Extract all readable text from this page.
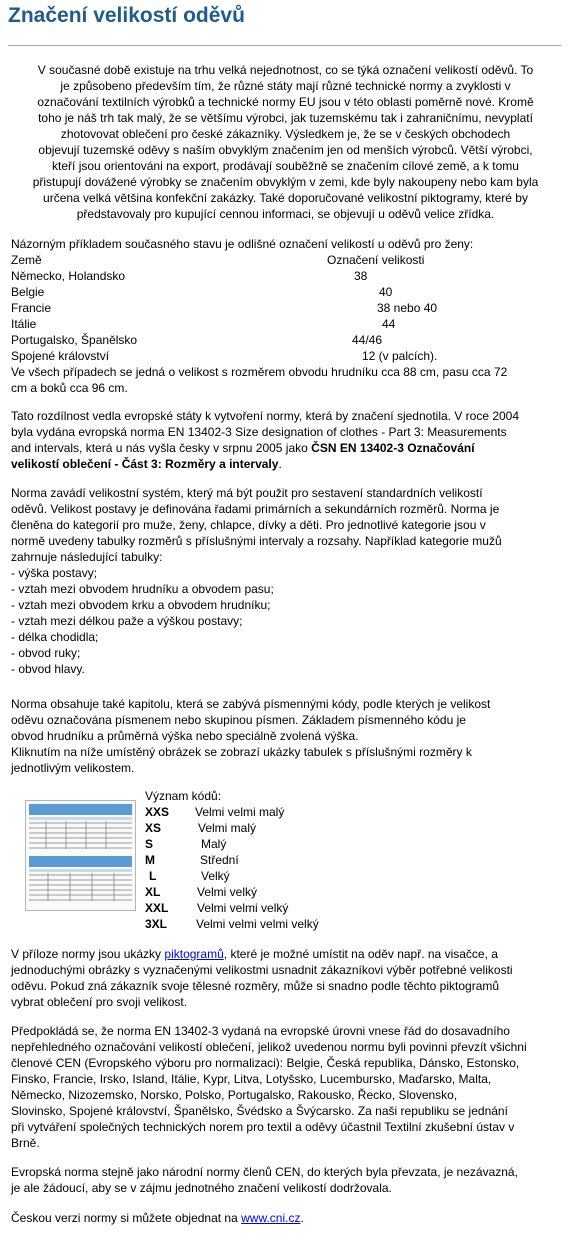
Značení velikostí oděvů

V současné době existuje na trhu velká nejednotnost, co se týká označení velikostí oděvů. To

je způsobeno především tím, že různé státy mají různé technické normy a zvyklosti v

označování textilních výrobků a technické normy EU jsou v této oblasti poměrně nové. Kromě

toho je náš trh tak malý, že se většímu výrobci, jak tuzemskému tak i zahraničnímu, nevyplatí

zhotovovat oblečení pro české zákazníky. Výsledkem je, že se v českých obchodech

objevují tuzemské oděvy s naším obvyklým značením jen od menších výrobců. Větší výrobci,

kteří jsou orientováni na export, prodávají souběžně se značením cílové země, a k tomu

přistupují dovážené výrobky se značením obvyklým v zemi, kde byly nakoupeny nebo kam byla

určena velká většina konfekční zakázky. Také doporučované velikostní piktogramy, které by

představovaly pro kupující cennou informaci, se objevují u oděvů velice zřídka.

Názorným příkladem současného stavu je odlišné označení velikostí u oděvů pro ženy:

Země	Označení velikosti
Německo, Holandsko	38
Belgie	40
Francie	38 nebo 40
Itálie	44
Portugalsko, Španělsko	44/46
Spojené království	12 (v palcích).

Ve všech případech se jedná o velikost s rozměrem obvodu hrudníku cca 88 cm, pasu cca 72

cm a boků cca 96 cm.

Tato rozdílnost vedla evropské státy k vytvoření normy, která by značení sjednotila. V roce 2004

byla vydána evropská norma EN 13402-3 Size designation of clothes - Part 3: Measurements

and intervals, která u nás vyšla česky v srpnu 2005 jako ČSN EN 13402-3 Označování

velikostí oblečení - Část 3: Rozměry a intervaly.

Norma zavádí velikostní systém, který má být použit pro sestavení standardních velikostí

oděvů. Velikost postavy je definována řadami primárních a sekundárních rozměrů. Norma je

členěna do kategorií pro muže, ženy, chlapce, dívky a děti. Pro jednotlivé kategorie jsou v

normě uvedeny tabulky rozměrů s příslušnými intervaly a rozsahy. Například kategorie mužů

zahrnuje následující tabulky:

- výška postavy;

- vztah mezi obvodem hrudníku a obvodem pasu;

- vztah mezi obvodem krku a obvodem hrudníku;

- vztah mezi délkou paže a výškou postavy;

- délka chodidla;

- obvod ruky;

- obvod hlavy.

Norma obsahuje také kapitolu, která se zabývá písmennými kódy, podle kterých je velikost

oděvu označována písmenem nebo skupinou písmen. Základem písmenného kódu je

obvod hrudníku a průměrná výška nebo speciálně zvolená výška.

Kliknutím na níže umístěný obrázek se zobrazí ukázky tabulek s příslušnými rozměry k

jednotlivým velikostem.

Význam kódů:
XXS Velmi velmi malý
XS	Velmi malý
S	Malý
M	Střední
L	Velký
XL	Velmi velký
XXL Velmi velmi velký
3XL Velmi velmi velmi velký

V příloze normy jsou ukázky piktogramů, které je možné umístit na oděv např. na visačce, a

jednoduchými obrázky s vyznačenými velikostmi usnadnit zákazníkovi výběr potřebné velikosti

oděvu. Pokud zná zákazník svoje tělesné rozměry, může si snadno podle těchto piktogramů

vybrat oblečení pro svoji velikost.

Předpokládá se, že norma EN 13402-3 vydaná na evropské úrovni vnese řád do dosavadního

nepřehledného označování velikostí oblečení, jelikož uvedenou normu byli povinni převzít všichni

členové CEN (Evropského výboru pro normalizaci): Belgie, Česká republika, Dánsko, Estonsko,

Finsko, Francie, Irsko, Island, Itálie, Kypr, Litva, Lotyšsko, Lucembursko, Maďarsko, Malta,

Německo, Nizozemsko, Norsko, Polsko, Portugalsko, Rakousko, Řecko, Slovensko,

Slovinsko, Spojené království, Španělsko, Švédsko a Švýcarsko. Za naši republiku se jednání

při vytváření společných technických norem pro textil a oděvy účastnil Textilní zkušební ústav v

Brně.

Evropská norma stejně jako národní normy členů CEN, do kterých byla převzata, je nezávazná,

je ale žádoucí, aby se v zájmu jednotného značení velikostí dodržovala.

Českou verzi normy si můžete objednat na www.cni.cz.
